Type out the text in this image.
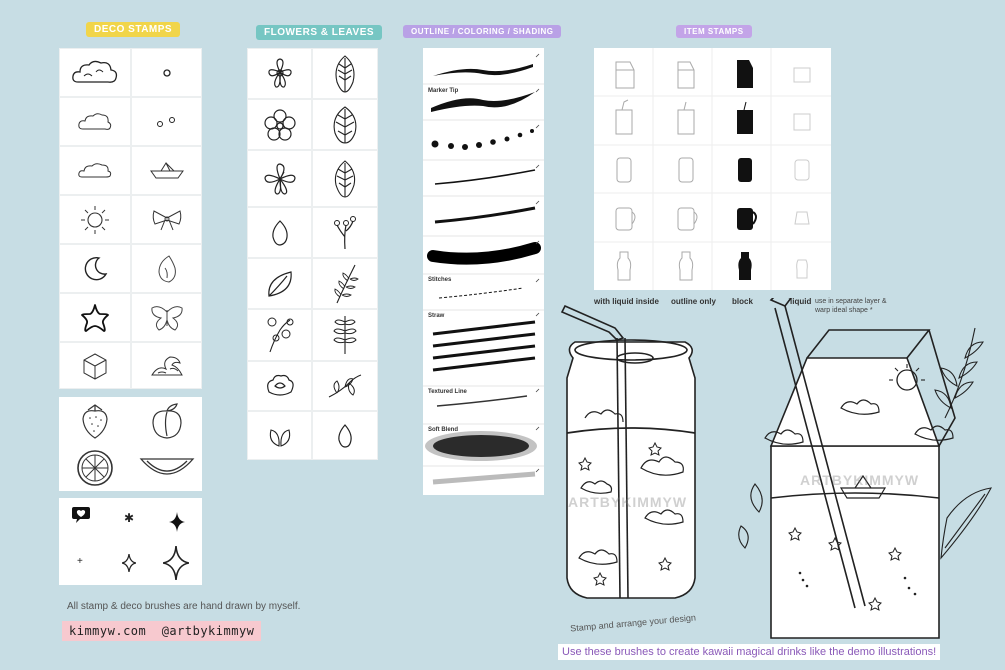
DECO STAMPS	FLOWERS & LEAVES	OUTLINE / COLORING / SHADING	ITEM STAMPS
✱
+
Marker Tip
Stitches
Straw
Textured Line
Soft Blend
with liquid inside outline only block	liquid use in separate layer & warp ideal shape *
ARTBYKIMMYW
ARTBYKIMMYW
Stamp and arrange your design
All stamp & deco brushes are hand drawn by myself.
kimmyw.com @artbykimmyw
Use these brushes to create kawaii magical drinks like the demo illustrations!
